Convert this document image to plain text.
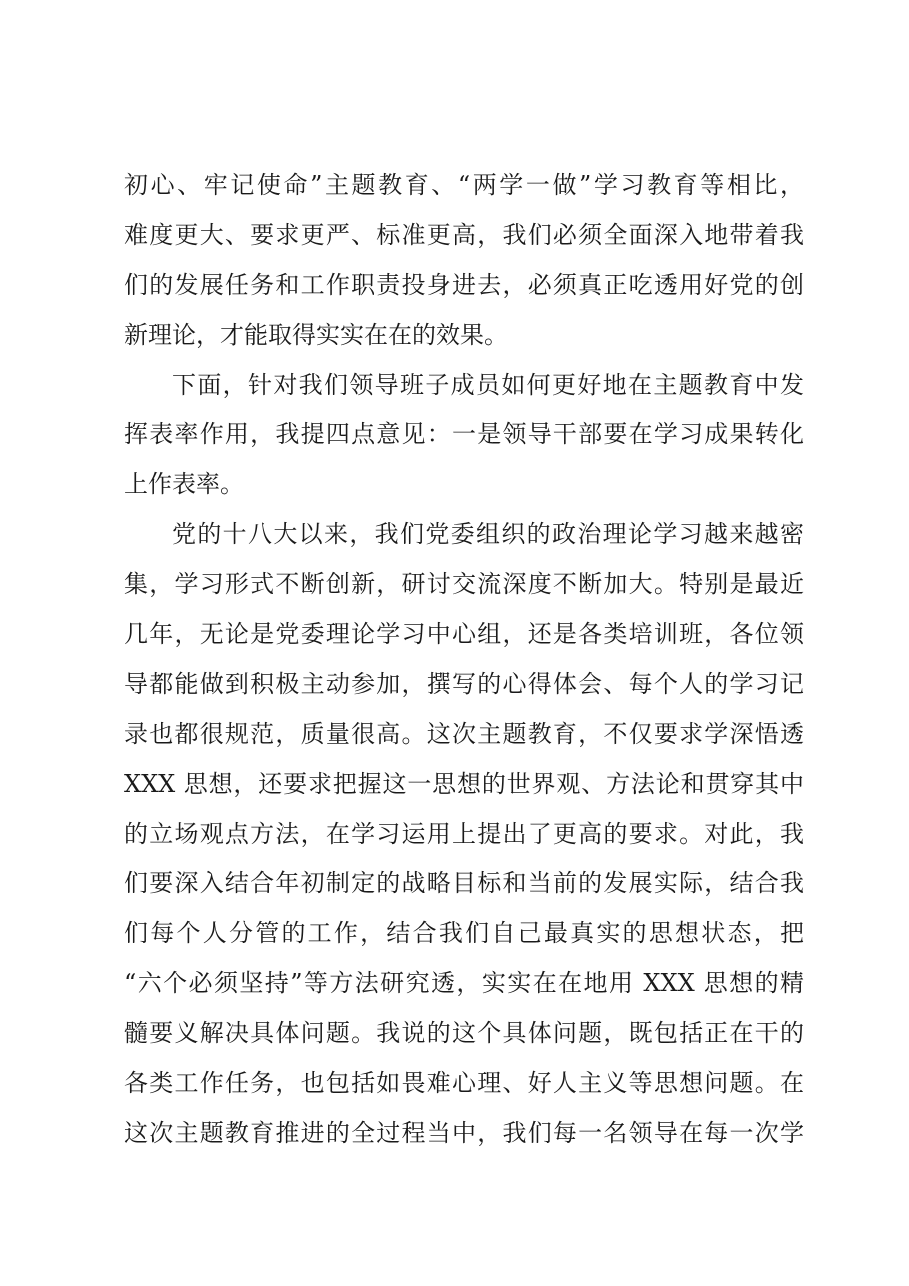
初心、牢记使命”主题教育、“两学一做”学习教育等相比，
难度更大、要求更严、标准更高，我们必须全面深入地带着我
们的发展任务和工作职责投身进去，必须真正吃透用好党的创
新理论，才能取得实实在在的效果。
下面，针对我们领导班子成员如何更好地在主题教育中发
挥表率作用，我提四点意见：一是领导干部要在学习成果转化
上作表率。
党的十八大以来，我们党委组织的政治理论学习越来越密
集，学习形式不断创新，研讨交流深度不断加大。特别是最近
几年，无论是党委理论学习中心组，还是各类培训班，各位领
导都能做到积极主动参加，撰写的心得体会、每个人的学习记
录也都很规范，质量很高。这次主题教育，不仅要求学深悟透
XXX 思想，还要求把握这一思想的世界观、方法论和贯穿其中
的立场观点方法，在学习运用上提出了更高的要求。对此，我
们要深入结合年初制定的战略目标和当前的发展实际，结合我
们每个人分管的工作，结合我们自己最真实的思想状态，把
“六个必须坚持”等方法研究透，实实在在地用 XXX 思想的精
髓要义解决具体问题。我说的这个具体问题，既包括正在干的
各类工作任务，也包括如畏难心理、好人主义等思想问题。在
这次主题教育推进的全过程当中，我们每一名领导在每一次学
